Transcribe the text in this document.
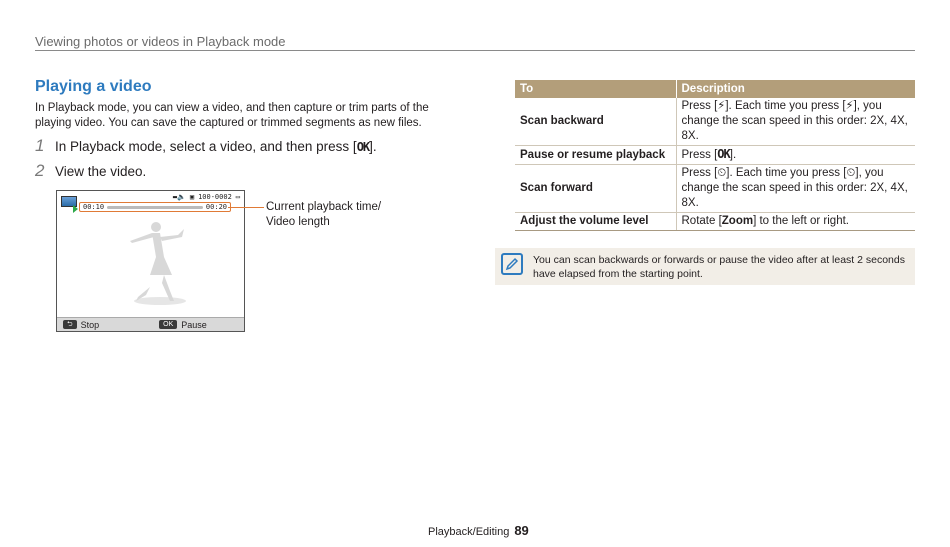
Viewing photos or videos in Playback mode
Playing a video
In Playback mode, you can view a video, and then capture or trim parts of the playing video. You can save the captured or trimmed segments as new files.
1 In Playback mode, select a video, and then press [OK].
2 View the video.
▬🔈 ▣ 100-0002 ▭
00:10	00:20
⮌ Stop	OK Pause
Current playback time/
Video length
To	Description
Scan backward	Press [⚡]. Each time you press [⚡], you change the scan speed in this order: 2X, 4X, 8X.
Pause or resume playback	Press [OK].
Scan forward	Press [⏲]. Each time you press [⏲], you change the scan speed in this order: 2X, 4X, 8X.
Adjust the volume level	Rotate [Zoom] to the left or right.
You can scan backwards or forwards or pause the video after at least 2 seconds have elapsed from the starting point.
Playback/Editing 89
